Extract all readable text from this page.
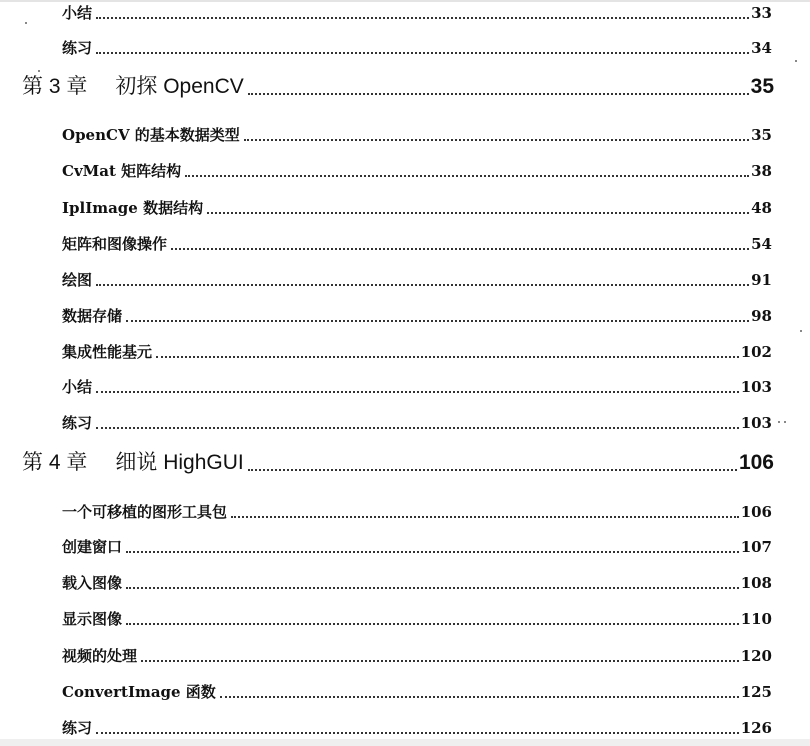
小结	33
练习	34
第 3 章 初探 OpenCV	35
OpenCV 的基本数据类型	35
CvMat 矩阵结构	38
IplImage 数据结构	48
矩阵和图像操作	54
绘图	91
数据存储	98
集成性能基元	102
小结	103
练习	103
第 4 章 细说 HighGUI	106
一个可移植的图形工具包	106
创建窗口	107
载入图像	108
显示图像	110
视频的处理	120
ConvertImage 函数	125
练习	126
